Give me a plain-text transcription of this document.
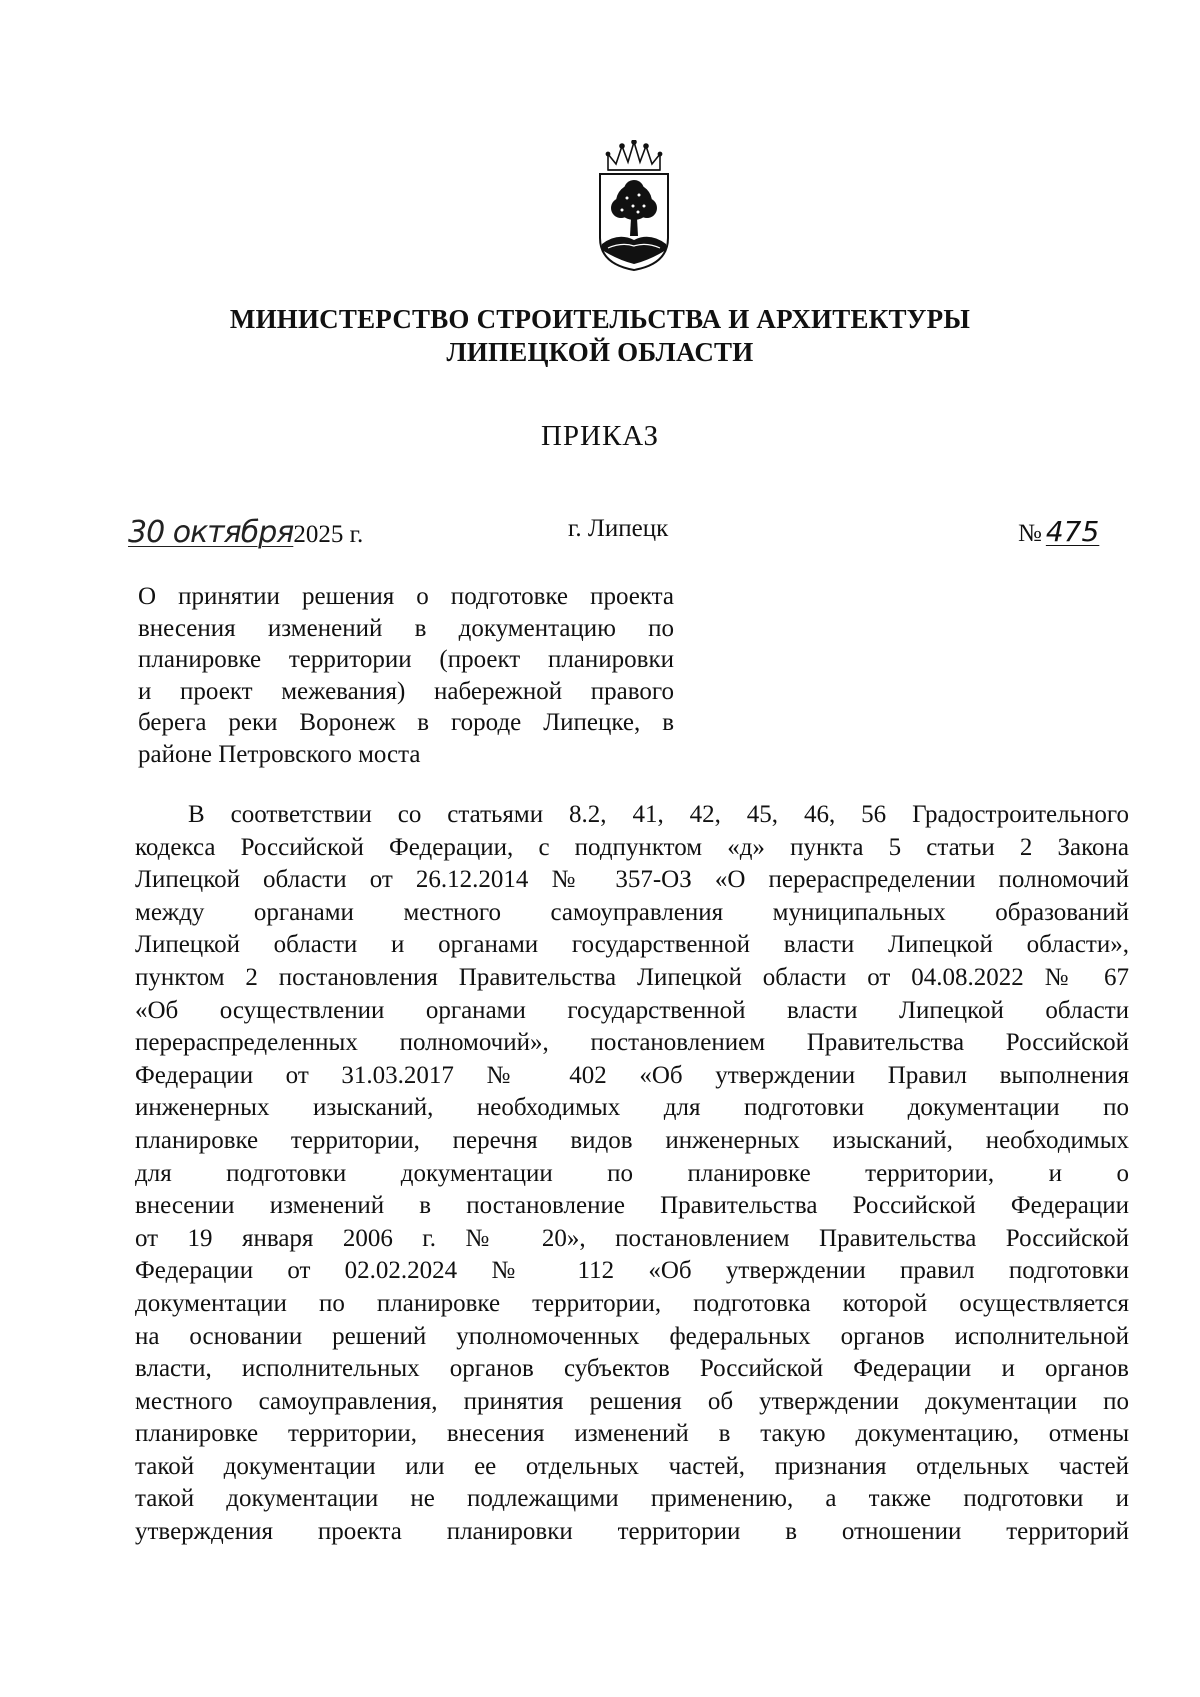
МИНИСТЕРСТВО СТРОИТЕЛЬСТВА И АРХИТЕКТУРЫ
ЛИПЕЦКОЙ ОБЛАСТИ
ПРИКАЗ
30 октября2025 г.	г. Липецк	№ 475
О принятии решения о подготовке проекта
внесения изменений в документацию по
планировке территории (проект планировки
и проект межевания) набережной правого
берега реки Воронеж в городе Липецке, в
районе Петровского моста
В соответствии со статьями 8.2, 41, 42, 45, 46, 56 Градостроительного
кодекса Российской Федерации, с подпунктом «д» пункта 5 статьи 2 Закона
Липецкой области от 26.12.2014 № 357-ОЗ «О перераспределении полномочий
между органами местного самоуправления муниципальных образований
Липецкой области и органами государственной власти Липецкой области»,
пунктом 2 постановления Правительства Липецкой области от 04.08.2022 № 67
«Об осуществлении органами государственной власти Липецкой области
перераспределенных полномочий», постановлением Правительства Российской
Федерации от 31.03.2017 № 402 «Об утверждении Правил выполнения
инженерных изысканий, необходимых для подготовки документации по
планировке территории, перечня видов инженерных изысканий, необходимых
для подготовки документации по планировке территории, и о
внесении изменений в постановление Правительства Российской Федерации
от 19 января 2006 г. № 20», постановлением Правительства Российской
Федерации от 02.02.2024 № 112 «Об утверждении правил подготовки
документации по планировке территории, подготовка которой осуществляется
на основании решений уполномоченных федеральных органов исполнительной
власти, исполнительных органов субъектов Российской Федерации и органов
местного самоуправления, принятия решения об утверждении документации по
планировке территории, внесения изменений в такую документацию, отмены
такой документации или ее отдельных частей, признания отдельных частей
такой документации не подлежащими применению, а также подготовки и
утверждения проекта планировки территории в отношении территорий
